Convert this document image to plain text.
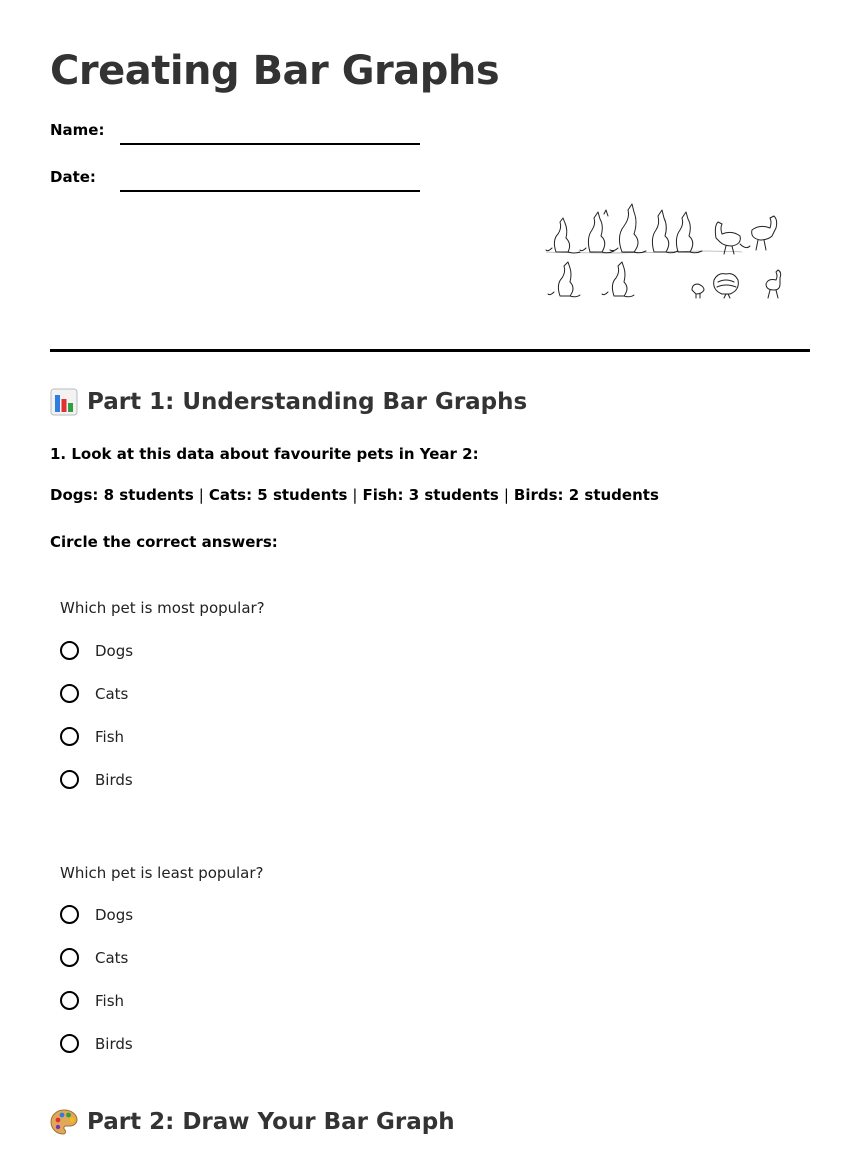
Creating Bar Graphs
Name:
Date:
Part 1: Understanding Bar Graphs
1. Look at this data about favourite pets in Year 2:
Dogs: 8 students | Cats: 5 students | Fish: 3 students | Birds: 2 students
Circle the correct answers:
Which pet is most popular?
Dogs
Cats
Fish
Birds
Which pet is least popular?
Dogs
Cats
Fish
Birds
Part 2: Draw Your Bar Graph
